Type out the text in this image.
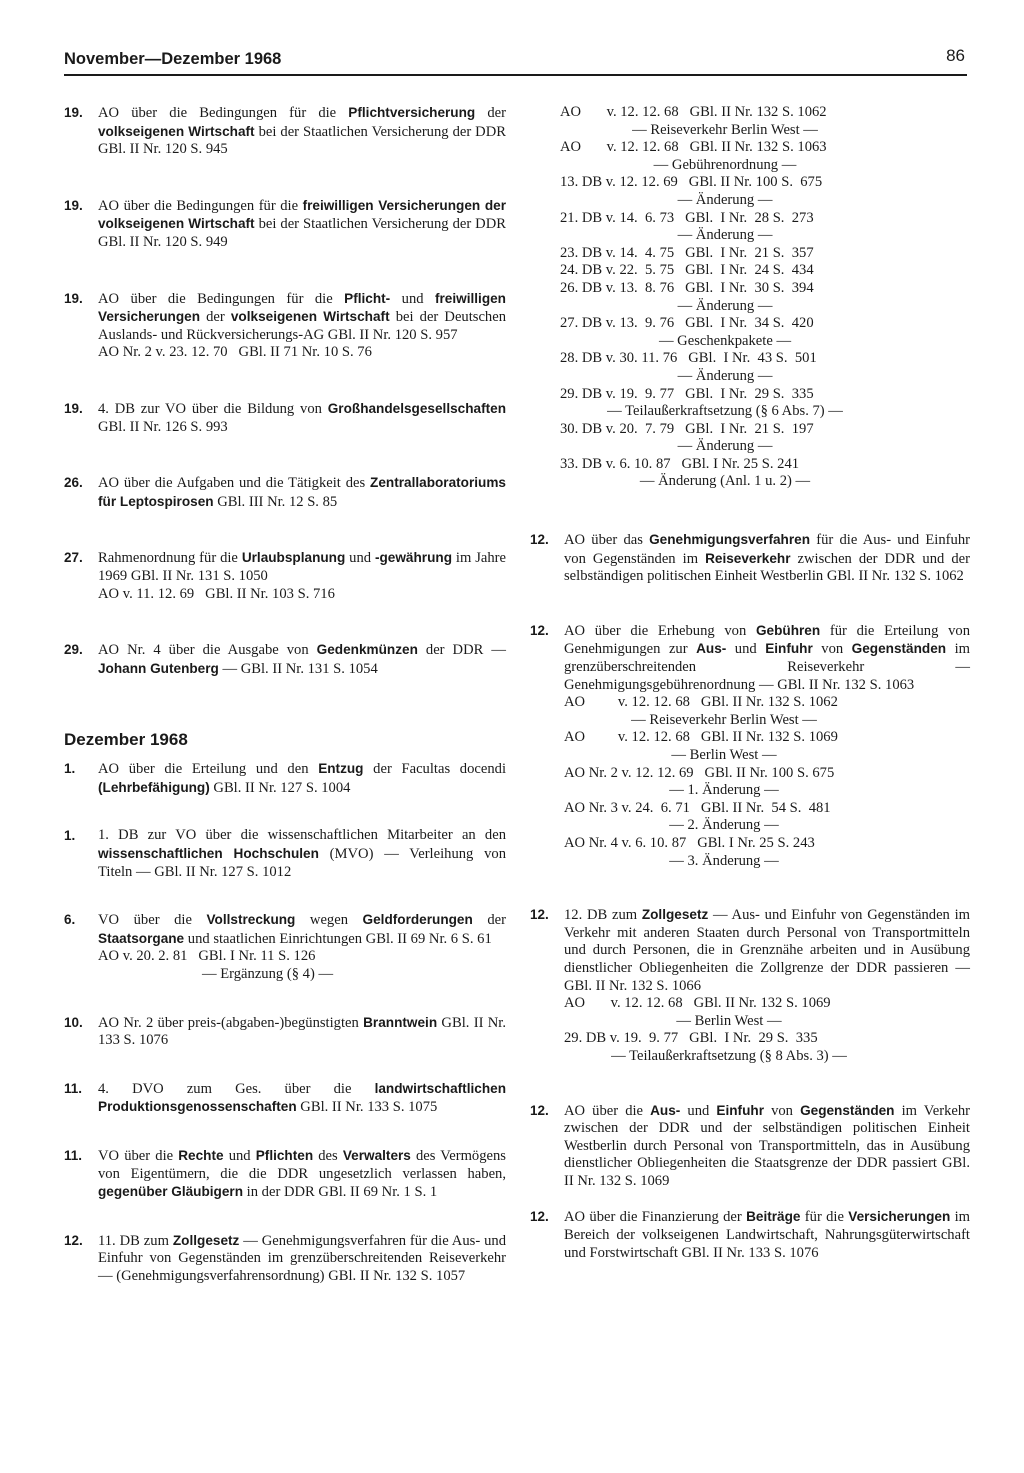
November—Dezember 1968	86
19. AO über die Bedingungen für die Pflichtversicherung der volkseigenen Wirtschaft bei der Staatlichen Versicherung der DDR GBl. II Nr. 120 S. 945
19. AO über die Bedingungen für die freiwilligen Versicherungen der volkseigenen Wirtschaft bei der Staatlichen Versicherung der DDR GBl. II Nr. 120 S. 949
19. AO über die Bedingungen für die Pflicht- und freiwilligen Versicherungen der volkseigenen Wirtschaft bei der Deutschen Auslands- und Rückversicherungs-AG GBl. II Nr. 120 S. 957
AO Nr. 2 v. 23. 12. 70   GBl. II 71 Nr. 10 S. 76
19. 4. DB zur VO über die Bildung von Großhandelsgesellschaften GBl. II Nr. 126 S. 993
26. AO über die Aufgaben und die Tätigkeit des Zentrallaboratoriums für Leptospirosen GBl. III Nr. 12 S. 85
27. Rahmenordnung für die Urlaubsplanung und -gewährung im Jahre 1969 GBl. II Nr. 131 S. 1050
AO v. 11. 12. 69   GBl. II Nr. 103 S. 716
29. AO Nr. 4 über die Ausgabe von Gedenkmünzen der DDR — Johann Gutenberg — GBl. II Nr. 131 S. 1054
Dezember 1968
1. AO über die Erteilung und den Entzug der Facultas docendi (Lehrbefähigung) GBl. II Nr. 127 S. 1004
1. 1. DB zur VO über die wissenschaftlichen Mitarbeiter an den wissenschaftlichen Hochschulen (MVO) — Verleihung von Titeln — GBl. II Nr. 127 S. 1012
6. VO über die Vollstreckung wegen Geldforderungen der Staatsorgane und staatlichen Einrichtungen GBl. II 69 Nr. 6 S. 61
AO v. 20. 2. 81   GBl. I Nr. 11 S. 126
— Ergänzung (§ 4) —
10. AO Nr. 2 über preis-(abgaben-)begünstigten Branntwein GBl. II Nr. 133 S. 1076
11. 4. DVO zum Ges. über die landwirtschaftlichen Produktionsgenossenschaften GBl. II Nr. 133 S. 1075
11. VO über die Rechte und Pflichten des Verwalters des Vermögens von Eigentümern, die die DDR ungesetzlich verlassen haben, gegenüber Gläubigern in der DDR GBl. II 69 Nr. 1 S. 1
12. 11. DB zum Zollgesetz — Genehmigungsverfahren für die Aus- und Einfuhr von Gegenständen im grenzüberschreitenden Reiseverkehr — (Genehmigungsverfahrensordnung) GBl. II Nr. 132 S. 1057
AO       v. 12. 12. 68   GBl. II Nr. 132 S. 1062
— Reiseverkehr Berlin West —
AO       v. 12. 12. 68   GBl. II Nr. 132 S. 1063
— Gebührenordnung —
13. DB v. 12. 12. 69   GBl. II Nr. 100 S.  675
— Änderung —
21. DB v. 14.  6. 73   GBl.  I Nr.  28 S.  273
— Änderung —
23. DB v. 14.  4. 75   GBl.  I Nr.  21 S.  357
24. DB v. 22.  5. 75   GBl.  I Nr.  24 S.  434
26. DB v. 13.  8. 76   GBl.  I Nr.  30 S.  394
— Änderung —
27. DB v. 13.  9. 76   GBl.  I Nr.  34 S.  420
— Geschenkpakete —
28. DB v. 30. 11. 76   GBl.  I Nr.  43 S.  501
— Änderung —
29. DB v. 19.  9. 77   GBl.  I Nr.  29 S.  335
— Teilaußerkraftsetzung (§ 6 Abs. 7) —
30. DB v. 20.  7. 79   GBl.  I Nr.  21 S.  197
— Änderung —
33. DB v. 6. 10. 87   GBl. I Nr. 25 S. 241
— Änderung (Anl. 1 u. 2) —
12. AO über das Genehmigungsverfahren für die Aus- und Einfuhr von Gegenständen im Reiseverkehr zwischen der DDR und der selbständigen politischen Einheit Westberlin GBl. II Nr. 132 S. 1062
12. AO über die Erhebung von Gebühren für die Erteilung von Genehmigungen zur Aus- und Einfuhr von Gegenständen im grenzüberschreitenden Reiseverkehr — Genehmigungsgebührenordnung — GBl. II Nr. 132 S. 1063
AO         v. 12. 12. 68   GBl. II Nr. 132 S. 1062
— Reiseverkehr Berlin West —
AO         v. 12. 12. 68   GBl. II Nr. 132 S. 1069
— Berlin West —
AO Nr. 2 v. 12. 12. 69   GBl. II Nr. 100 S. 675
— 1. Änderung —
AO Nr. 3 v. 24.  6. 71   GBl. II Nr.  54 S.  481
— 2. Änderung —
AO Nr. 4 v. 6. 10. 87   GBl. I Nr. 25 S. 243
— 3. Änderung —
12. 12. DB zum Zollgesetz — Aus- und Einfuhr von Gegenständen im Verkehr mit anderen Staaten durch Personal von Transportmitteln und durch Personen, die in Grenznähe arbeiten und in Ausübung dienstlicher Obliegenheiten die Zollgrenze der DDR passieren — GBl. II Nr. 132 S. 1066
AO       v. 12. 12. 68   GBl. II Nr. 132 S. 1069
— Berlin West —
29. DB v. 19.  9. 77   GBl.  I Nr.  29 S.  335
— Teilaußerkraftsetzung (§ 8 Abs. 3) —
12. AO über die Aus- und Einfuhr von Gegenständen im Verkehr zwischen der DDR und der selbständigen politischen Einheit Westberlin durch Personal von Transportmitteln, das in Ausübung dienstlicher Obliegenheiten die Staatsgrenze der DDR passiert GBl. II Nr. 132 S. 1069
12. AO über die Finanzierung der Beiträge für die Versicherungen im Bereich der volkseigenen Landwirtschaft, Nahrungsgüterwirtschaft und Forstwirtschaft GBl. II Nr. 133 S. 1076
